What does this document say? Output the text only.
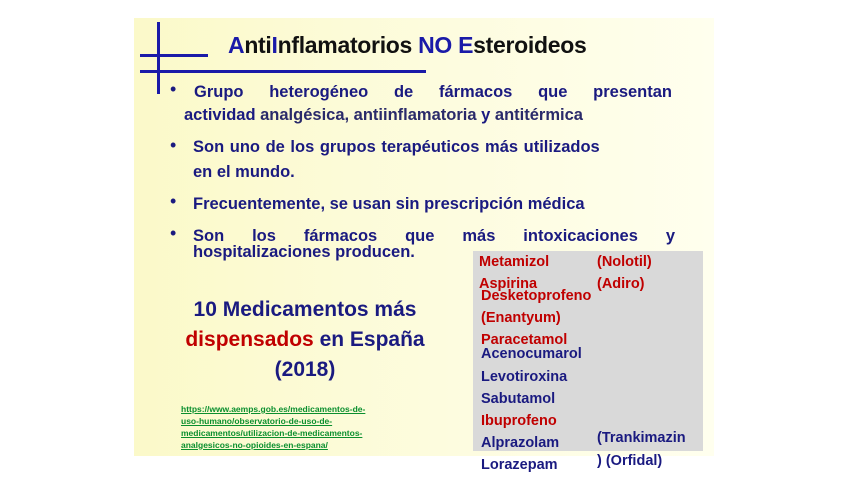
AntiInflamatorios NO Esteroideos
• Grupo heterogéneo de fármacos que presentan
actividad analgésica, antiinflamatoria y antitérmica
• Son uno de los grupos terapéuticos más utilizados
en el mundo.
• Frecuentemente, se usan sin prescripción médica
• Son los fármacos que más intoxicaciones y
hospitalizaciones producen.
Metamizol	(Nolotil)
Aspirina	(Adiro)
Desketoprofeno
(Enantyum)
Paracetamol
Acenocumarol
Levotiroxina
Sabutamol
Ibuprofeno
Alprazolam	(Trankimazin
Lorazepam	) (Orfidal)
10 Medicamentos más
dispensados en España
(2018)
https://www.aemps.gob.es/medicamentos-de-
uso-humano/observatorio-de-uso-de-
medicamentos/utilizacion-de-medicamentos-
analgesicos-no-opioides-en-espana/
